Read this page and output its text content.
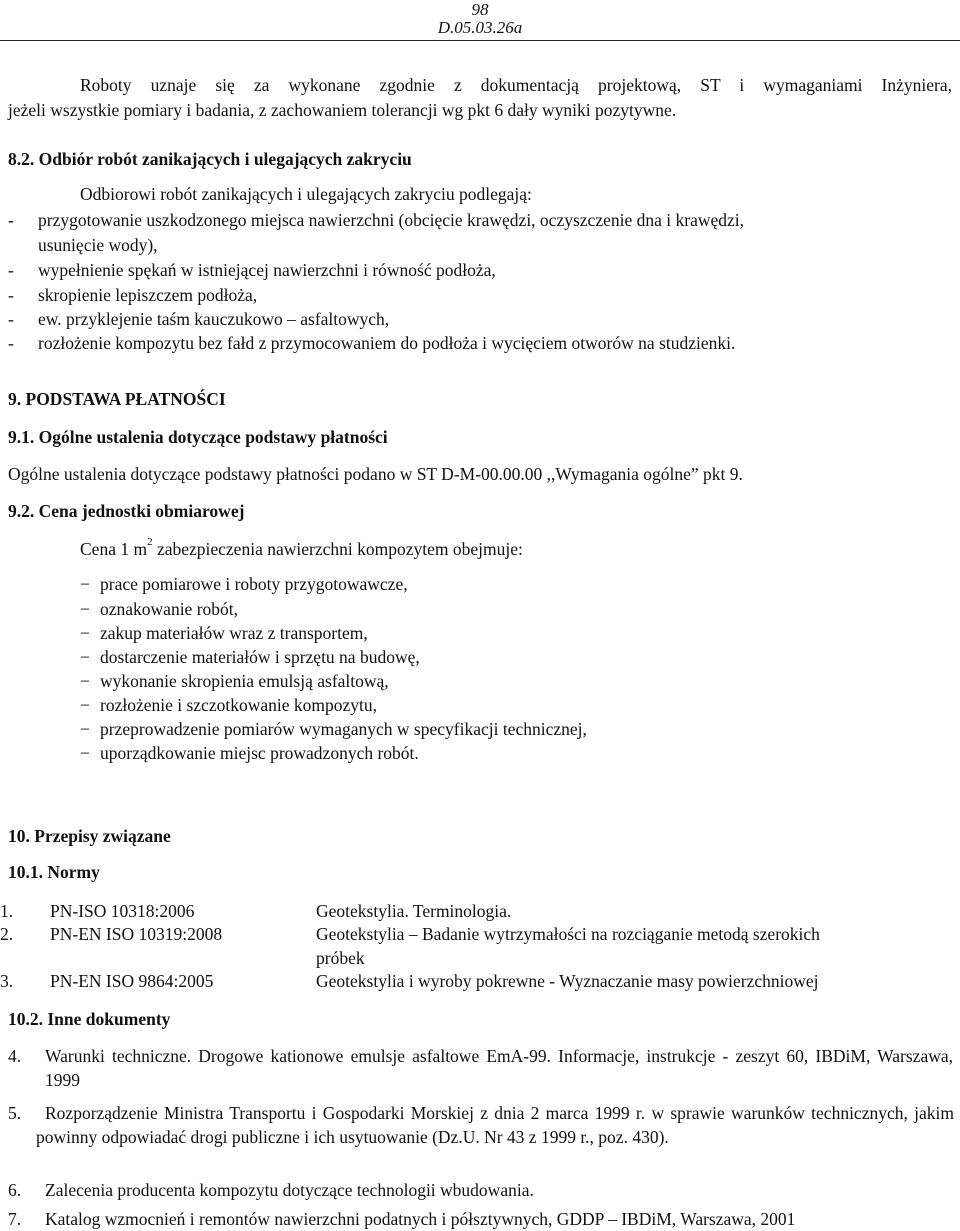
98
D.05.03.26a
Roboty uznaje się za wykonane zgodnie z dokumentacją projektową, ST i wymaganiami Inżyniera,
jeżeli wszystkie pomiary i badania, z zachowaniem tolerancji wg pkt 6 dały wyniki pozytywne.
8.2. Odbiór robót zanikających i ulegających zakryciu
Odbiorowi robót zanikających i ulegających zakryciu podlegają:
- przygotowanie uszkodzonego miejsca nawierzchni (obcięcie krawędzi, oczyszczenie dna i krawędzi,
usunięcie wody),
- wypełnienie spękań w istniejącej nawierzchni i równość podłoża,
- skropienie lepiszczem podłoża,
- ew. przyklejenie taśm kauczukowo – asfaltowych,
- rozłożenie kompozytu bez fałd z przymocowaniem do podłoża i wycięciem otworów na studzienki.
9. PODSTAWA PŁATNOŚCI
9.1. Ogólne ustalenia dotyczące podstawy płatności
Ogólne ustalenia dotyczące podstawy płatności podano w ST D-M-00.00.00 ,,Wymagania ogólne” pkt 9.
9.2. Cena jednostki obmiarowej
Cena 1 $m^2$ zabezpieczenia nawierzchni kompozytem obejmuje:
− prace pomiarowe i roboty przygotowawcze,
− oznakowanie robót,
− zakup materiałów wraz z transportem,
− dostarczenie materiałów i sprzętu na budowę,
− wykonanie skropienia emulsją asfaltową,
− rozłożenie i szczotkowanie kompozytu,
− przeprowadzenie pomiarów wymaganych w specyfikacji technicznej,
− uporządkowanie miejsc prowadzonych robót.
10. Przepisy związane
10.1. Normy
1. PN-ISO 10318:2006	Geotekstylia. Terminologia.
2. PN-EN ISO 10319:2008	Geotekstylia – Badanie wytrzymałości na rozciąganie metodą szerokich
próbek
3. PN-EN ISO 9864:2005	Geotekstylia i wyroby pokrewne - Wyznaczanie masy powierzchniowej
10.2. Inne dokumenty
4. Warunki techniczne. Drogowe kationowe emulsje asfaltowe EmA-99. Informacje, instrukcje - zeszyt 60, IBDiM, Warszawa, 1999
5.	Rozporządzenie Ministra Transportu i Gospodarki Morskiej z dnia 2 marca 1999 r. w sprawie warunków technicznych, jakim powinny odpowiadać drogi publiczne i ich usytuowanie (Dz.U. Nr 43 z 1999 r., poz. 430).
6. Zalecenia producenta kompozytu dotyczące technologii wbudowania.
7. Katalog wzmocnień i remontów nawierzchni podatnych i półsztywnych, GDDP – IBDiM, Warszawa, 2001
